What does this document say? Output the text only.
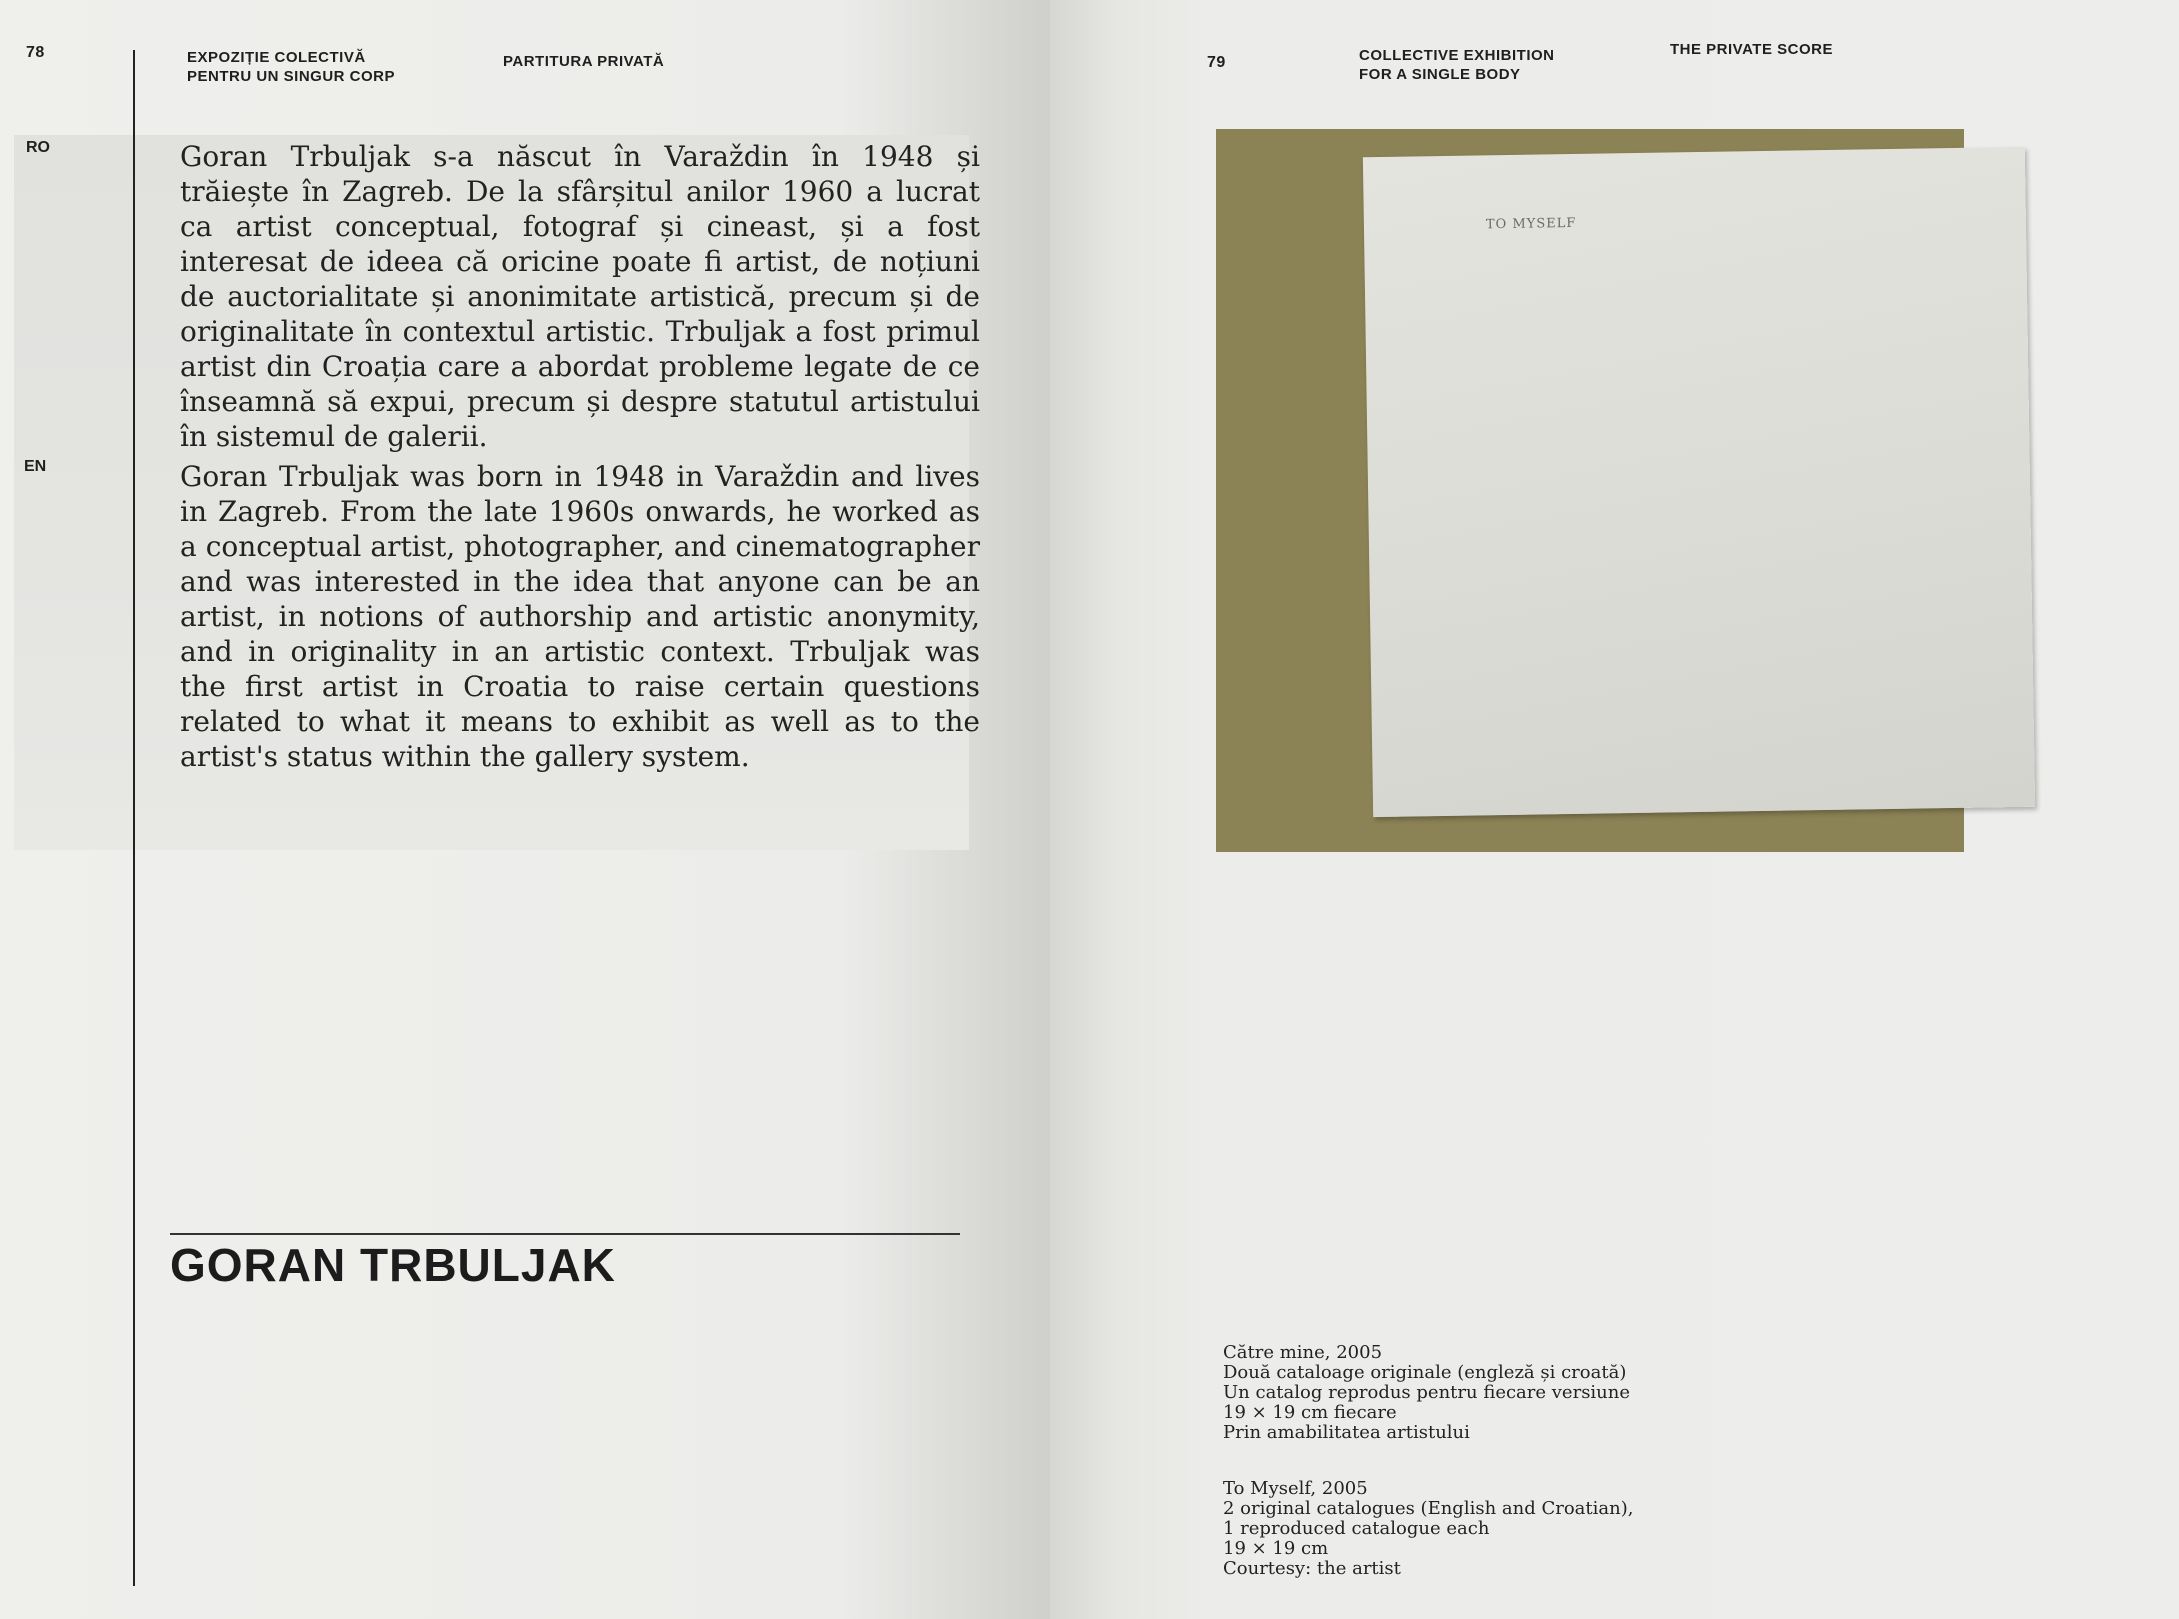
78	EXPOZIȚIE COLECTIVĂ
PENTRU UN SINGUR CORP
PARTITURA PRIVATĂ
RO
EN
Goran Trbuljak s-a născut în Varaždin în 1948 și trăiește în Zagreb. De la sfârșitul anilor 1960 a lucrat ca artist conceptual, fotograf și cineast, și a fost interesat de ideea că oricine poate fi artist, de noțiuni de auctorialitate și anonimitate artistică, precum și de originalitate în contextul artistic. Trbuljak a fost primul artist din Croația care a abordat probleme legate de ce înseamnă să expui, precum și despre statutul artistului în sistemul de galerii.
Goran Trbuljak was born in 1948 in Varaždin and lives in Zagreb. From the late 1960s onwards, he worked as a conceptual artist, photographer, and cinematographer and was interested in the idea that anyone can be an artist, in notions of authorship and artistic anonymity, and in originality in an artistic context. Trbuljak was the first artist in Croatia to raise certain questions related to what it means to exhibit as well as to the artist's status within the gallery system.
GORAN TRBULJAK
79	COLLECTIVE EXHIBITION
FOR A SINGLE BODY
THE PRIVATE SCORE
TO MYSELF
Către mine, 2005
Două cataloage originale (engleză și croată)
Un catalog reprodus pentru fiecare versiune
19 × 19 cm fiecare
Prin amabilitatea artistului
To Myself, 2005
2 original catalogues (English and Croatian),
1 reproduced catalogue each
19 × 19 cm
Courtesy: the artist
